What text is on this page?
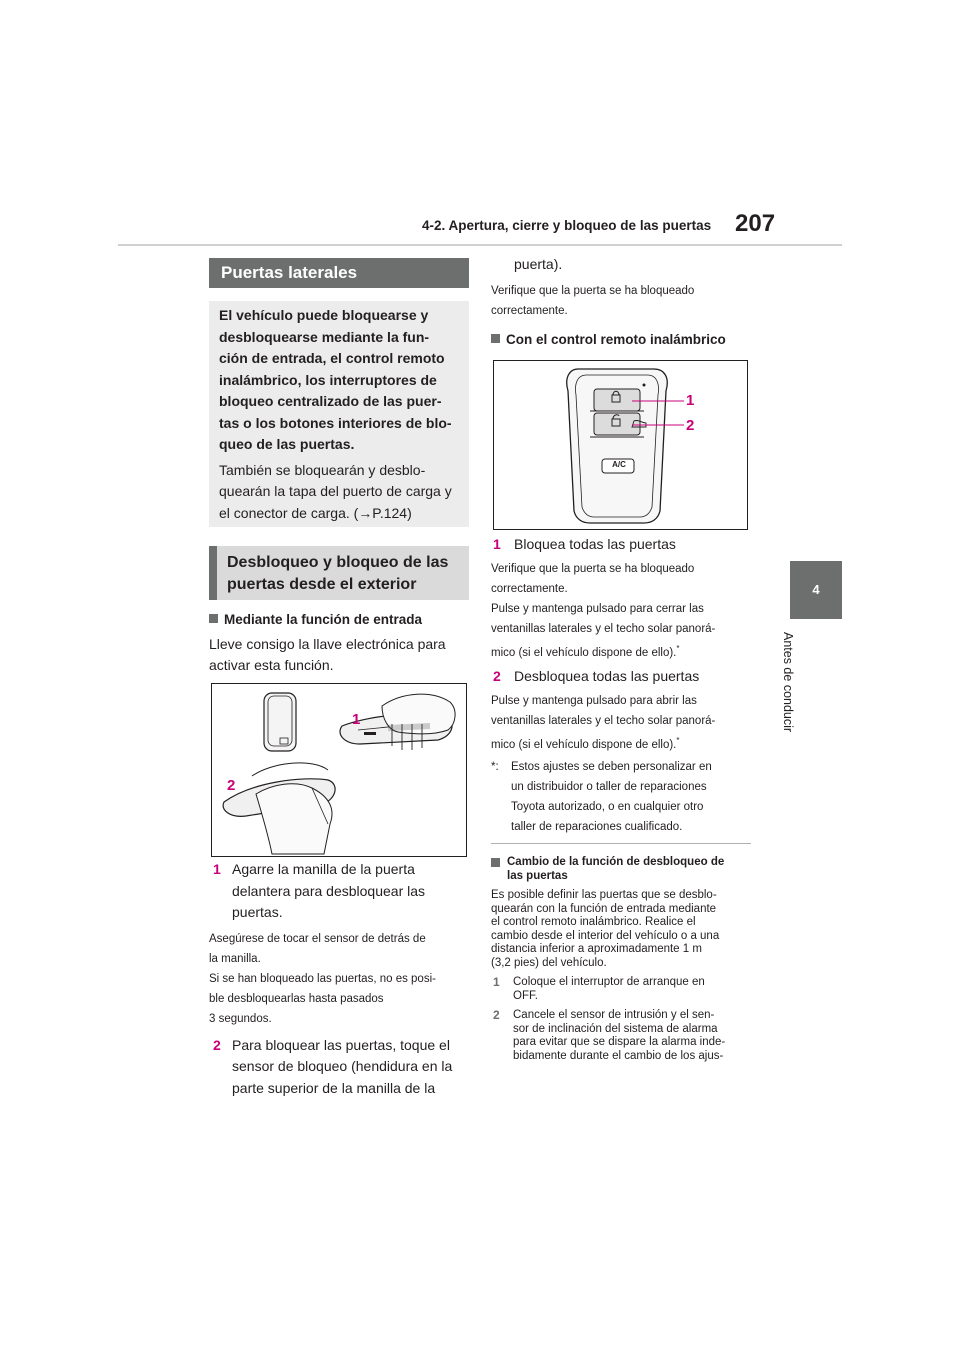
4-2. Apertura, cierre y bloqueo de las puertas 207
4
Antes de conducir
Puertas laterales
El vehículo puede bloquearse y
desbloquearse mediante la fun-
ción de entrada, el control remoto
inalámbrico, los interruptores de
bloqueo centralizado de las puer-
tas o los botones interiores de blo-
queo de las puertas.
También se bloquearán y desblo-
quearán la tapa del puerto de carga y
el conector de carga. (→P.124)
Desbloqueo y bloqueo de las
puertas desde el exterior
Mediante la función de entrada
Lleve consigo la llave electrónica para
activar esta función.
1
2
1 Agarre la manilla de la puerta
delantera para desbloquear las
puertas.
Asegúrese de tocar el sensor de detrás de
la manilla.
Si se han bloqueado las puertas, no es posi-
ble desbloquearlas hasta pasados
3 segundos.
2 Para bloquear las puertas, toque el
sensor de bloqueo (hendidura en la
parte superior de la manilla de la
puerta).
Verifique que la puerta se ha bloqueado
correctamente.
Con el control remoto inalámbrico
A/C
1
2
1 Bloquea todas las puertas
Verifique que la puerta se ha bloqueado
correctamente.
Pulse y mantenga pulsado para cerrar las
ventanillas laterales y el techo solar panorá-
mico (si el vehículo dispone de ello).*
2 Desbloquea todas las puertas
Pulse y mantenga pulsado para abrir las
ventanillas laterales y el techo solar panorá-
mico (si el vehículo dispone de ello).*
*: Estos ajustes se deben personalizar en
un distribuidor o taller de reparaciones
Toyota autorizado, o en cualquier otro
taller de reparaciones cualificado.
Cambio de la función de desbloqueo de
las puertas
Es posible definir las puertas que se desblo-
quearán con la función de entrada mediante
el control remoto inalámbrico. Realice el
cambio desde el interior del vehículo o a una
distancia inferior a aproximadamente 1 m
(3,2 pies) del vehículo.
1 Coloque el interruptor de arranque en
OFF.
2 Cancele el sensor de intrusión y el sen-
sor de inclinación del sistema de alarma
para evitar que se dispare la alarma inde-
bidamente durante el cambio de los ajus-
